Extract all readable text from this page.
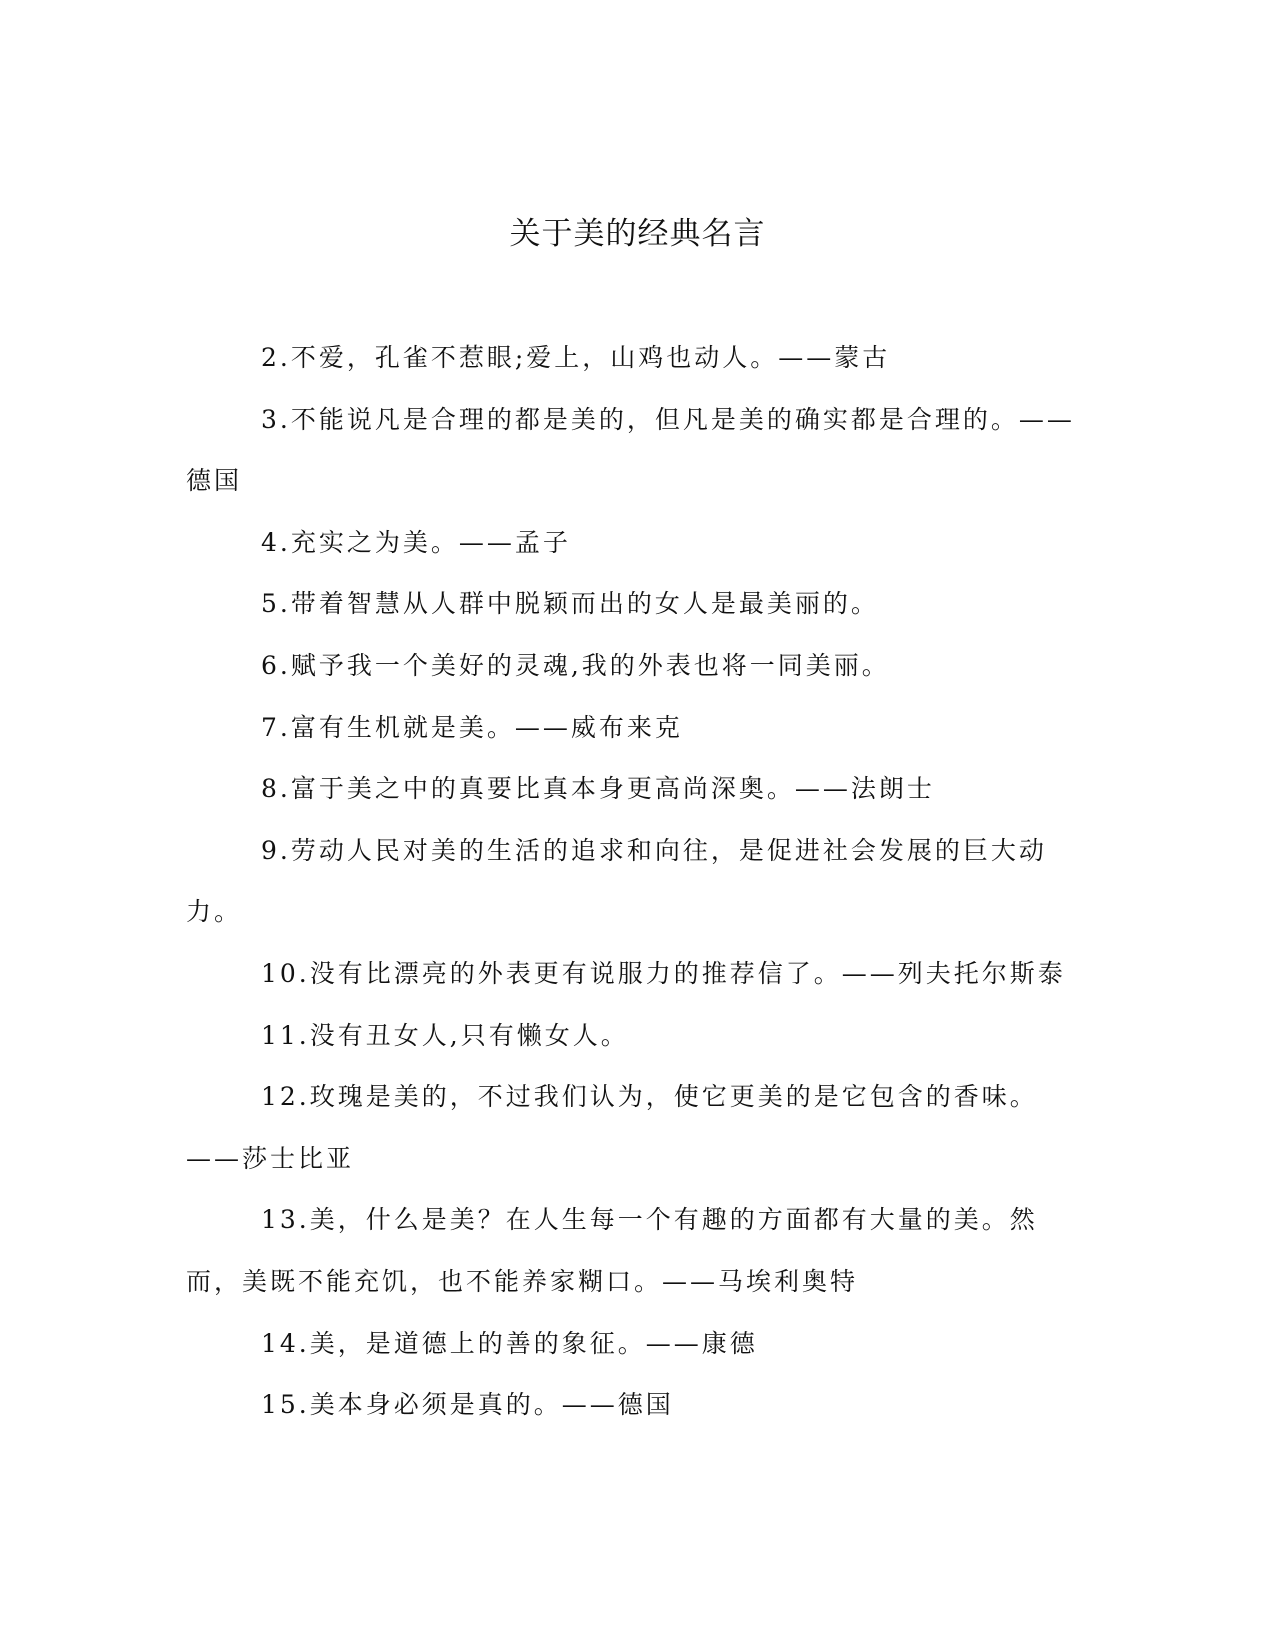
关于美的经典名言

2.不爱，孔雀不惹眼;爱上，山鸡也动人。——蒙古

3.不能说凡是合理的都是美的，但凡是美的确实都是合理的。——德国

4.充实之为美。——孟子

5.带着智慧从人群中脱颖而出的女人是最美丽的。

6.赋予我一个美好的灵魂,我的外表也将一同美丽。

7.富有生机就是美。——威布来克

8.富于美之中的真要比真本身更高尚深奥。——法朗士

9.劳动人民对美的生活的追求和向往，是促进社会发展的巨大动力。

10.没有比漂亮的外表更有说服力的推荐信了。——列夫托尔斯泰

11.没有丑女人,只有懒女人。

12.玫瑰是美的，不过我们认为，使它更美的是它包含的香味。——莎士比亚

13.美，什么是美？在人生每一个有趣的方面都有大量的美。然而，美既不能充饥，也不能养家糊口。——马埃利奥特

14.美，是道德上的善的象征。——康德

15.美本身必须是真的。——德国
